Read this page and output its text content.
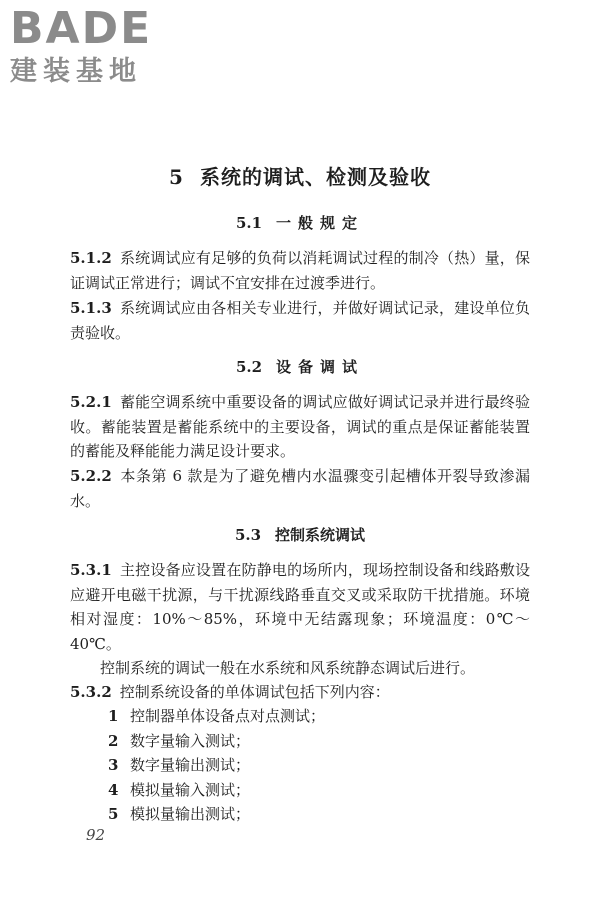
BADE
建装基地
5 系统的调试、检测及验收
5.1 一般规定
5.1.2 系统调试应有足够的负荷以消耗调试过程的制冷（热）量，保证调试正常进行；调试不宜安排在过渡季进行。
5.1.3 系统调试应由各相关专业进行，并做好调试记录，建设单位负责验收。
5.2 设备调试
5.2.1 蓄能空调系统中重要设备的调试应做好调试记录并进行最终验收。蓄能装置是蓄能系统中的主要设备，调试的重点是保证蓄能装置的蓄能及释能能力满足设计要求。
5.2.2 本条第 6 款是为了避免槽内水温骤变引起槽体开裂导致渗漏水。
5.3 控制系统调试
5.3.1 主控设备应设置在防静电的场所内，现场控制设备和线路敷设应避开电磁干扰源，与干扰源线路垂直交叉或采取防干扰措施。环境相对湿度：10%～85%，环境中无结露现象；环境温度：0℃～40℃。
控制系统的调试一般在水系统和风系统静态调试后进行。
5.3.2 控制系统设备的单体调试包括下列内容：
1 控制器单体设备点对点测试；
2 数字量输入测试；
3 数字量输出测试；
4 模拟量输入测试；
5 模拟量输出测试；
92
